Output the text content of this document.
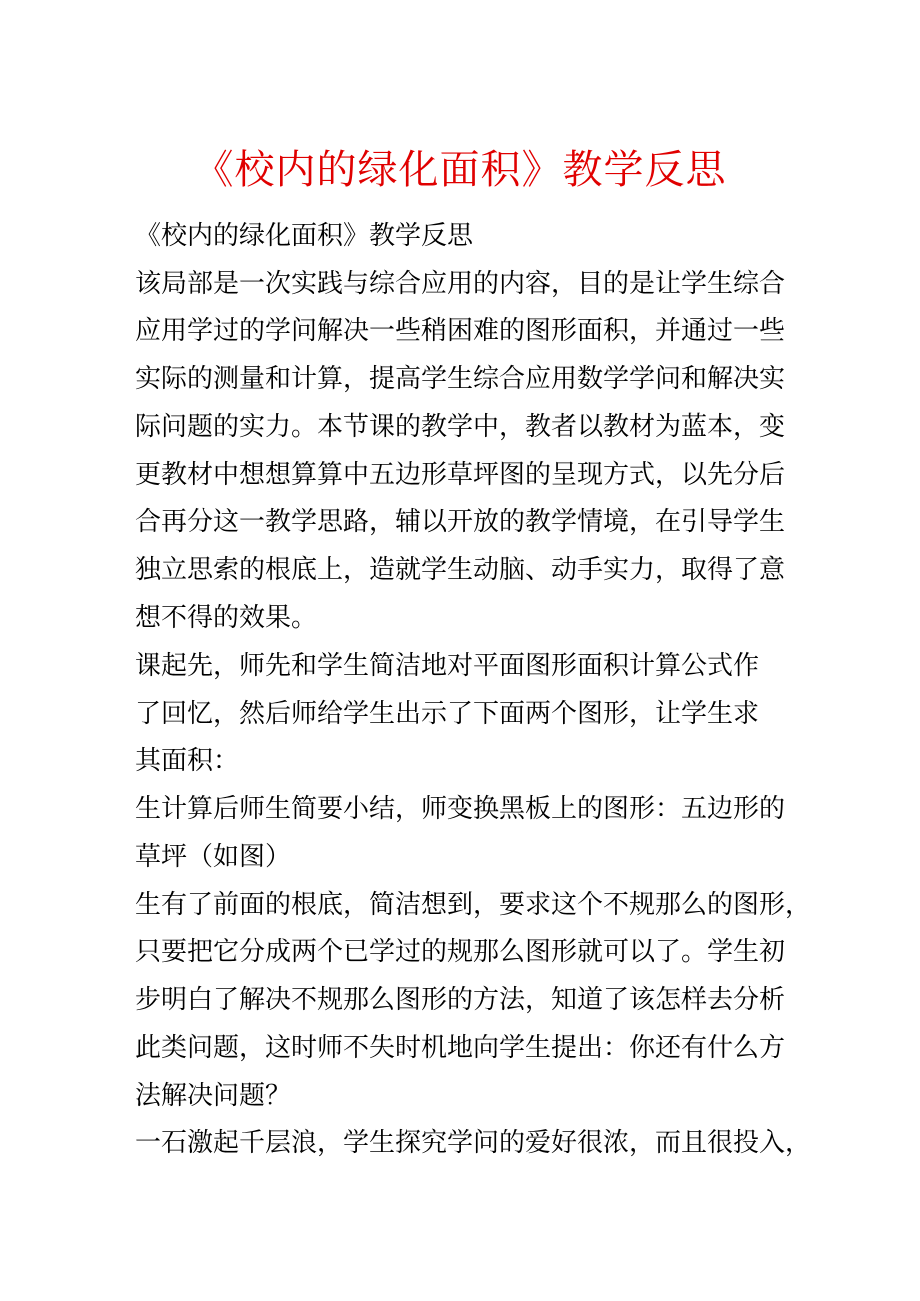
《校内的绿化面积》教学反思
《校内的绿化面积》教学反思
该局部是一次实践与综合应用的内容，目的是让学生综合
应用学过的学问解决一些稍困难的图形面积，并通过一些
实际的测量和计算，提高学生综合应用数学学问和解决实
际问题的实力。本节课的教学中，教者以教材为蓝本，变
更教材中想想算算中五边形草坪图的呈现方式，以先分后
合再分这一教学思路，辅以开放的教学情境，在引导学生
独立思索的根底上，造就学生动脑、动手实力，取得了意
想不得的效果。
课起先，师先和学生简洁地对平面图形面积计算公式作
了回忆，然后师给学生出示了下面两个图形，让学生求
其面积：
生计算后师生简要小结，师变换黑板上的图形：五边形的
草坪（如图）
生有了前面的根底，简洁想到，要求这个不规那么的图形，
只要把它分成两个已学过的规那么图形就可以了。学生初
步明白了解决不规那么图形的方法，知道了该怎样去分析
此类问题，这时师不失时机地向学生提出：你还有什么方
法解决问题？
一石激起千层浪，学生探究学问的爱好很浓，而且很投入，
